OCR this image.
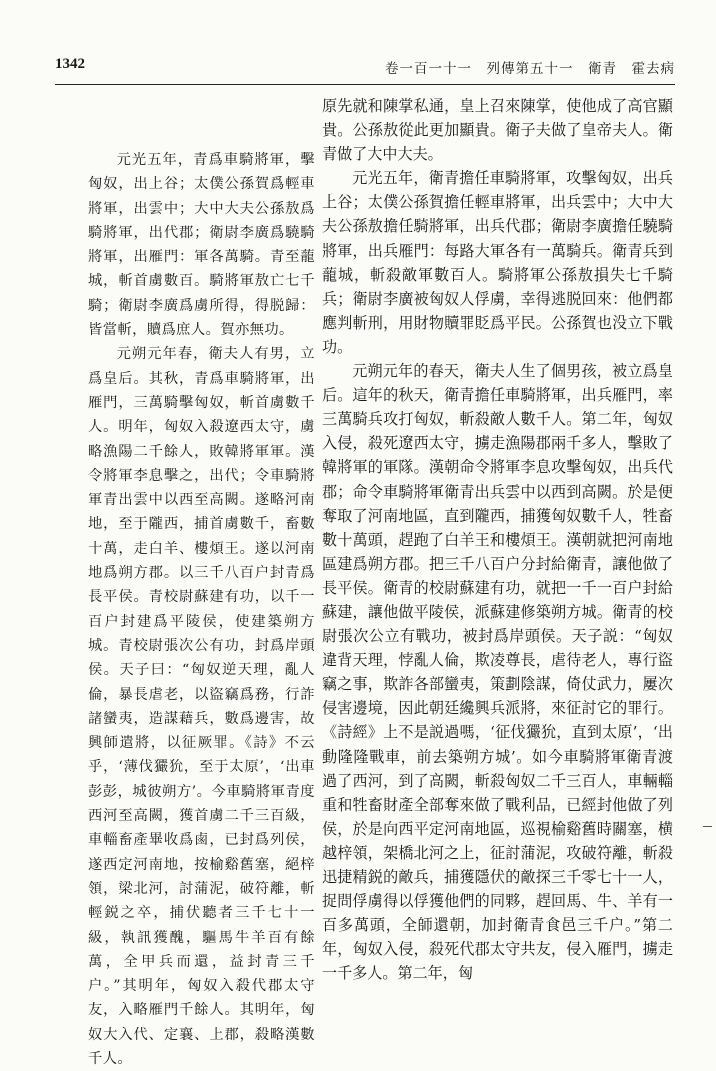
1342	卷一百一十一　列傳第五十一　衛青　霍去病

元光五年，青爲車騎將軍，擊匈奴，出上谷；太僕公孫賀爲輕車將軍，出雲中；大中大夫公孫敖爲騎將軍，出代郡；衛尉李廣爲驍騎將軍，出雁門：軍各萬騎。青至蘢城，斬首虜數百。騎將軍敖亡七千騎；衛尉李廣爲虜所得，得脱歸：皆當斬，贖爲庶人。賀亦無功。

元朔元年春，衛夫人有男，立爲皇后。其秋，青爲車騎將軍，出雁門，三萬騎擊匈奴，斬首虜數千人。明年，匈奴入殺遼西太守，虜略漁陽二千餘人，敗韓將軍軍。漢令將軍李息擊之，出代；令車騎將軍青出雲中以西至高闕。遂略河南地，至于隴西，捕首虜數千，畜數十萬，走白羊、樓煩王。遂以河南地爲朔方郡。以三千八百户封青爲長平侯。青校尉蘇建有功，以千一百户封建爲平陵侯，使建築朔方城。青校尉張次公有功，封爲岸頭侯。天子曰：“匈奴逆天理，亂人倫，暴長虐老，以盜竊爲務，行詐諸蠻夷，造謀藉兵，數爲邊害，故興師遣將，以征厥罪。《詩》不云乎，‘薄伐玁狁，至于太原’，‘出車彭彭，城彼朔方’。今車騎將軍青度西河至高闕，獲首虜二千三百級，車輜畜產畢收爲鹵，已封爲列侯，遂西定河南地，按榆谿舊塞，絕梓領，梁北河，討蒲泥，破符離，斬輕鋭之卒，捕伏聽者三千七十一級，執訊獲醜，驅馬牛羊百有餘萬，全甲兵而還，益封青三千户。”其明年，匈奴入殺代郡太守友，入略雁門千餘人。其明年，匈奴大入代、定襄、上郡，殺略漢數千人。

原先就和陳掌私通，皇上召來陳掌，使他成了高官顯貴。公孫敖從此更加顯貴。衛子夫做了皇帝夫人。衛青做了大中大夫。

元光五年，衛青擔任車騎將軍，攻擊匈奴，出兵上谷；太僕公孫賀擔任輕車將軍，出兵雲中；大中大夫公孫敖擔任騎將軍，出兵代郡；衛尉李廣擔任驍騎將軍，出兵雁門：每路大軍各有一萬騎兵。衛青兵到蘢城，斬殺敵軍數百人。騎將軍公孫敖損失七千騎兵；衛尉李廣被匈奴人俘虜，幸得逃脱回來：他們都應判斬刑，用財物贖罪貶爲平民。公孫賀也没立下戰功。

元朔元年的春天，衛夫人生了個男孩，被立爲皇后。這年的秋天，衛青擔任車騎將軍，出兵雁門，率三萬騎兵攻打匈奴，斬殺敵人數千人。第二年，匈奴入侵，殺死遼西太守，擄走漁陽郡兩千多人，擊敗了韓將軍的軍隊。漢朝命令將軍李息攻擊匈奴，出兵代郡；命令車騎將軍衛青出兵雲中以西到高闕。於是便奪取了河南地區，直到隴西，捕獲匈奴數千人，牲畜數十萬頭，趕跑了白羊王和樓煩王。漢朝就把河南地區建爲朔方郡。把三千八百户分封給衛青，讓他做了長平侯。衛青的校尉蘇建有功，就把一千一百户封給蘇建，讓他做平陵侯，派蘇建修築朔方城。衛青的校尉張次公立有戰功，被封爲岸頭侯。天子説：“匈奴違背天理，悖亂人倫，欺凌尊長，虐待老人，專行盜竊之事，欺詐各部蠻夷，策劃陰謀，倚仗武力，屢次侵害邊境，因此朝廷纔興兵派將，來征討它的罪行。《詩經》上不是説過嗎，‘征伐玁狁，直到太原’，‘出動隆隆戰車，前去築朔方城’。如今車騎將軍衛青渡過了西河，到了高闕，斬殺匈奴二千三百人，車輛輜重和牲畜財產全部奪來做了戰利品，已經封他做了列侯，於是向西平定河南地區，巡視榆谿舊時關塞，横越梓領，架橋北河之上，征討蒲泥，攻破符離，斬殺迅捷精鋭的敵兵，捕獲隱伏的敵探三千零七十一人，捉問俘虜得以俘獲他們的同夥，趕回馬、牛、羊有一百多萬頭，全師還朝，加封衛青食邑三千户。”第二年，匈奴入侵，殺死代郡太守共友，侵入雁門，擄走一千多人。第二年，匈
